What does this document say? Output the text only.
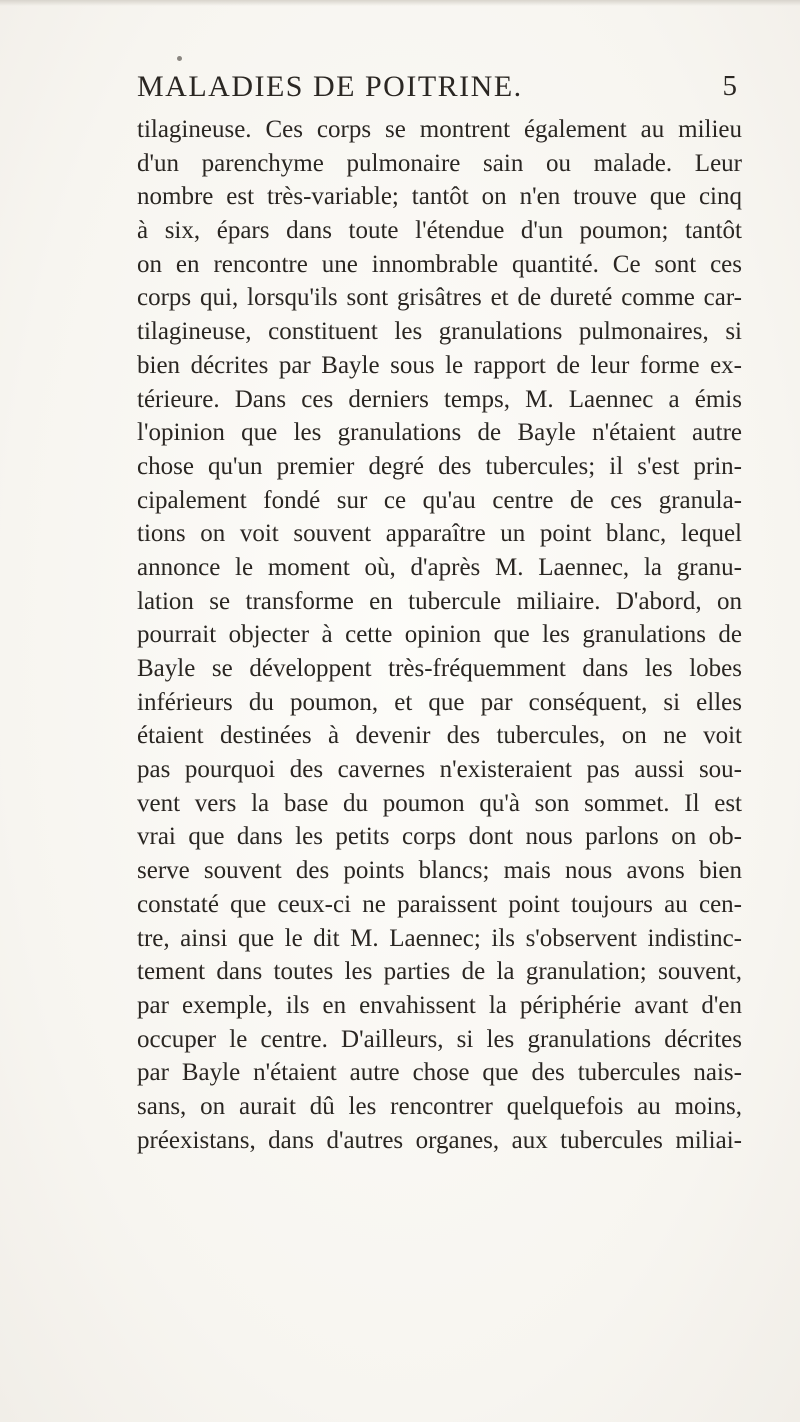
MALADIES DE POITRINE.	5
tilagineuse. Ces corps se montrent également au milieu
d'un parenchyme pulmonaire sain ou malade. Leur
nombre est très-variable; tantôt on n'en trouve que cinq
à six, épars dans toute l'étendue d'un poumon; tantôt
on en rencontre une innombrable quantité. Ce sont ces
corps qui, lorsqu'ils sont grisâtres et de dureté comme car-
tilagineuse, constituent les granulations pulmonaires, si
bien décrites par Bayle sous le rapport de leur forme ex-
térieure. Dans ces derniers temps, M. Laennec a émis
l'opinion que les granulations de Bayle n'étaient autre
chose qu'un premier degré des tubercules; il s'est prin-
cipalement fondé sur ce qu'au centre de ces granula-
tions on voit souvent apparaître un point blanc, lequel
annonce le moment où, d'après M. Laennec, la granu-
lation se transforme en tubercule miliaire. D'abord, on
pourrait objecter à cette opinion que les granulations de
Bayle se développent très-fréquemment dans les lobes
inférieurs du poumon, et que par conséquent, si elles
étaient destinées à devenir des tubercules, on ne voit
pas pourquoi des cavernes n'existeraient pas aussi sou-
vent vers la base du poumon qu'à son sommet. Il est
vrai que dans les petits corps dont nous parlons on ob-
serve souvent des points blancs; mais nous avons bien
constaté que ceux-ci ne paraissent point toujours au cen-
tre, ainsi que le dit M. Laennec; ils s'observent indistinc-
tement dans toutes les parties de la granulation; souvent,
par exemple, ils en envahissent la périphérie avant d'en
occuper le centre. D'ailleurs, si les granulations décrites
par Bayle n'étaient autre chose que des tubercules nais-
sans, on aurait dû les rencontrer quelquefois au moins,
préexistans, dans d'autres organes, aux tubercules miliai-
